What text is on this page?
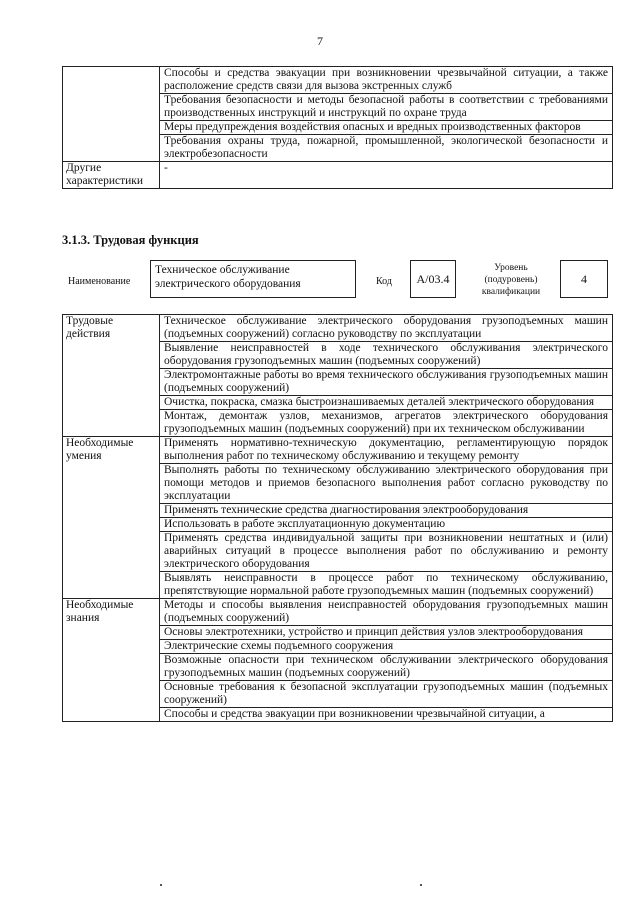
7
	Способы и средства эвакуации при возникновении чрезвычайной ситуации, а также расположение средств связи для вызова экстренных служб
	Требования безопасности и методы безопасной работы в соответствии с требованиями производственных инструкций и инструкций по охране труда
	Меры предупреждения воздействия опасных и вредных производственных факторов
	Требования охраны труда, пожарной, промышленной, экологической безопасности и электробезопасности
Другие характеристики	-
3.1.3. Трудовая функция
Наименование
Техническое обслуживание электрического оборудования	Код	A/03.4
Уровень (подуровень) квалификации
4
Трудовые действия	Техническое обслуживание электрического оборудования грузоподъемных машин (подъемных сооружений) согласно руководству по эксплуатации
	Выявление неисправностей в ходе технического обслуживания электрического оборудования грузоподъемных машин (подъемных сооружений)
	Электромонтажные работы во время технического обслуживания грузоподъемных машин (подъемных сооружений)
	Очистка, покраска, смазка быстроизнашиваемых деталей электрического оборудования
	Монтаж, демонтаж узлов, механизмов, агрегатов электрического оборудования грузоподъемных машин (подъемных сооружений) при их техническом обслуживании
Необходимые умения	Применять нормативно-техническую документацию, регламентирующую порядок выполнения работ по техническому обслуживанию и текущему ремонту
	Выполнять работы по техническому обслуживанию электрического оборудования при помощи методов и приемов безопасного выполнения работ согласно руководству по эксплуатации
	Применять технические средства диагностирования электрооборудования
	Использовать в работе эксплуатационную документацию
	Применять средства индивидуальной защиты при возникновении нештатных и (или) аварийных ситуаций в процессе выполнения работ по обслуживанию и ремонту электрического оборудования
	Выявлять неисправности в процессе работ по техническому обслуживанию, препятствующие нормальной работе грузоподъемных машин (подъемных сооружений)
Необходимые знания	Методы и способы выявления неисправностей оборудования грузоподъемных машин (подъемных сооружений)
	Основы электротехники, устройство и принцип действия узлов электрооборудования
	Электрические схемы подъемного сооружения
	Возможные опасности при техническом обслуживании электрического оборудования грузоподъемных машин (подъемных сооружений)
	Основные требования к безопасной эксплуатации грузоподъемных машин (подъемных сооружений)
	Способы и средства эвакуации при возникновении чрезвычайной ситуации, а
